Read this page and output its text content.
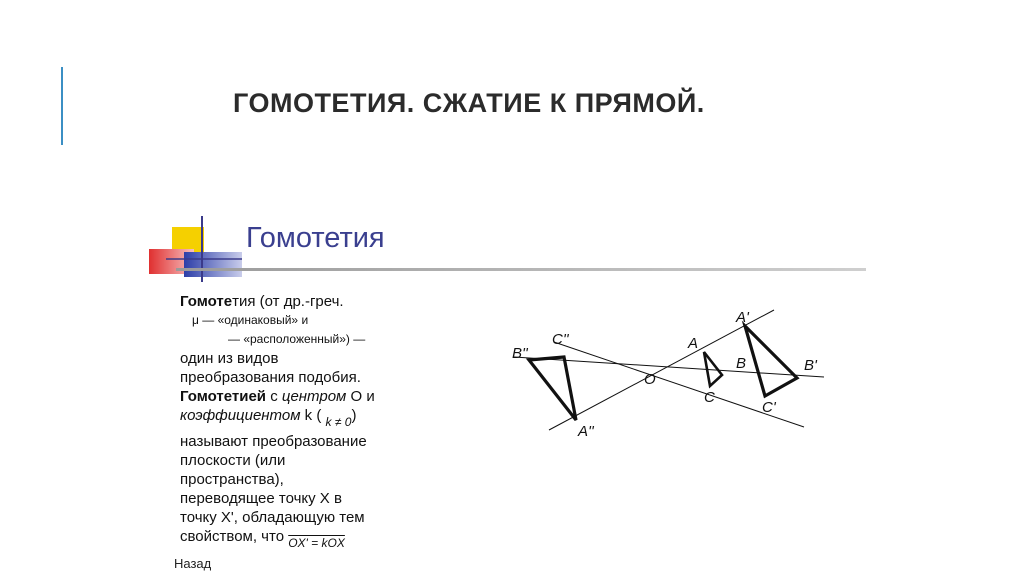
ГОМОТЕТИЯ. СЖАТИЕ К ПРЯМОЙ.
Гомотетия
Гомотетия (от др.-греч.
μ — «одинаковый» и
— «расположенный») —
один из видов
преобразования подобия.
Гомотетией с центром O и
коэффициентом k ( $_{k \ne 0}$)
называют преобразование
плоскости (или
пространства),
переводящее точку X в
точку X', обладающую тем
свойством, что $_{OX' = kOX}$
Назад
B''
C''
A''
O
A
B
C
A'
B'
C'
